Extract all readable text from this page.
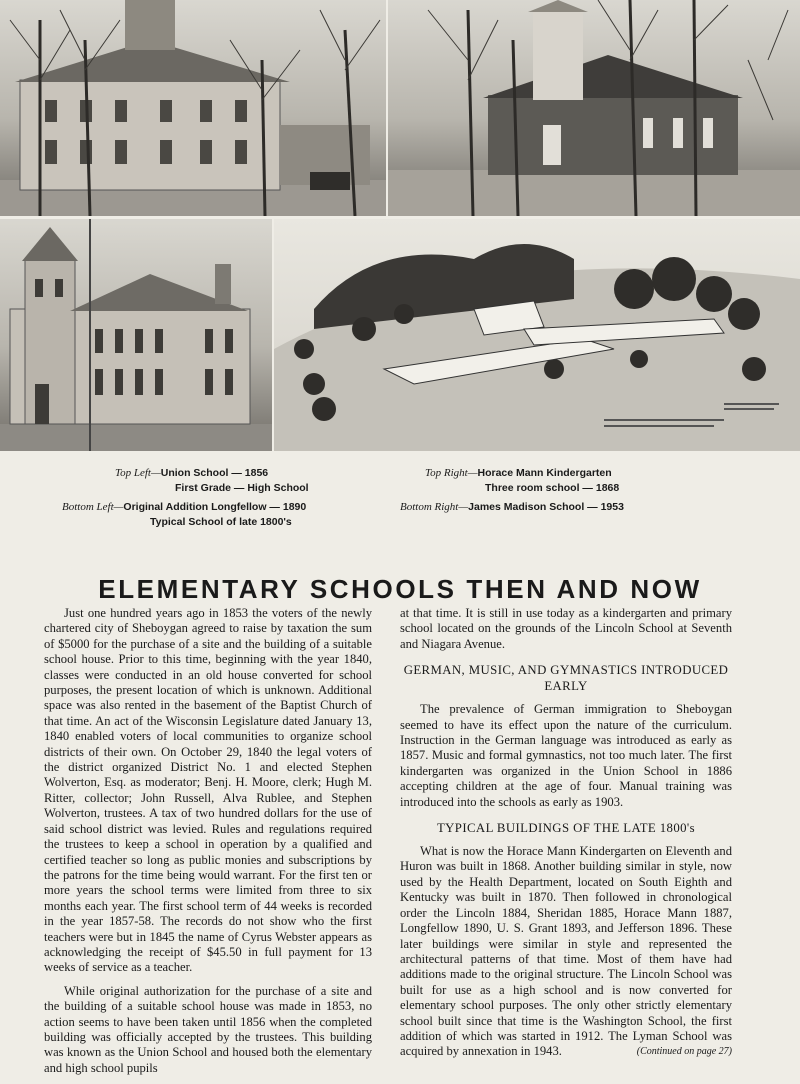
Top Left—Union School — 1856
First Grade — High School
Bottom Left—Original Addition Longfellow — 1890
Typical School of late 1800's
Top Right—Horace Mann Kindergarten
Three room school — 1868
Bottom Right—James Madison School — 1953
ELEMENTARY SCHOOLS THEN AND NOW

Just one hundred years ago in 1853 the voters of the newly chartered city of Sheboygan agreed to raise by taxation the sum of $5000 for the purchase of a site and the building of a suitable school house. Prior to this time, beginning with the year 1840, classes were conducted in an old house converted for school purposes, the present location of which is unknown. Additional space was also rented in the basement of the Baptist Church of that time. An act of the Wisconsin Legislature dated January 13, 1840 enabled voters of local communities to organize school districts of their own. On October 29, 1840 the legal voters of the district organized District No. 1 and elected Stephen Wolverton, Esq. as moderator; Benj. H. Moore, clerk; Hugh M. Ritter, collector; John Russell, Alva Rublee, and Stephen Wolverton, trustees. A tax of two hundred dollars for the use of said school district was levied. Rules and regulations required the trustees to keep a school in operation by a qualified and certified teacher so long as public monies and subscriptions by the patrons for the time being would warrant. For the first ten or more years the school terms were limited from three to six months each year. The first school term of 44 weeks is recorded in the year 1857-58. The records do not show who the first teachers were but in 1845 the name of Cyrus Webster appears as acknowledging the receipt of $45.50 in full payment for 13 weeks of service as a teacher.

While original authorization for the purchase of a site and the building of a suitable school house was made in 1853, no action seems to have been taken until 1856 when the completed building was officially accepted by the trustees. This building was known as the Union School and housed both the elementary and high school pupils

at that time. It is still in use today as a kindergarten and primary school located on the grounds of the Lincoln School at Seventh and Niagara Avenue.

GERMAN, MUSIC, AND GYMNASTICS INTRODUCED EARLY

The prevalence of German immigration to Sheboygan seemed to have its effect upon the nature of the curriculum. Instruction in the German language was introduced as early as 1857. Music and formal gymnastics, not too much later. The first kindergarten was organized in the Union School in 1886 accepting children at the age of four. Manual training was introduced into the schools as early as 1903.

TYPICAL BUILDINGS OF THE LATE 1800's

What is now the Horace Mann Kindergarten on Eleventh and Huron was built in 1868. Another building similar in style, now used by the Health Department, located on South Eighth and Kentucky was built in 1870. Then followed in chronological order the Lincoln 1884, Sheridan 1885, Horace Mann 1887, Longfellow 1890, U. S. Grant 1893, and Jefferson 1896. These later buildings were similar in style and represented the architectural patterns of that time. Most of them have had additions made to the original structure. The Lincoln School was built for use as a high school and is now converted for elementary school purposes. The only other strictly elementary school built since that time is the Washington School, the first addition of which was started in 1912. The Lyman School was acquired by annexation in 1943.	(Continued on page 27)
